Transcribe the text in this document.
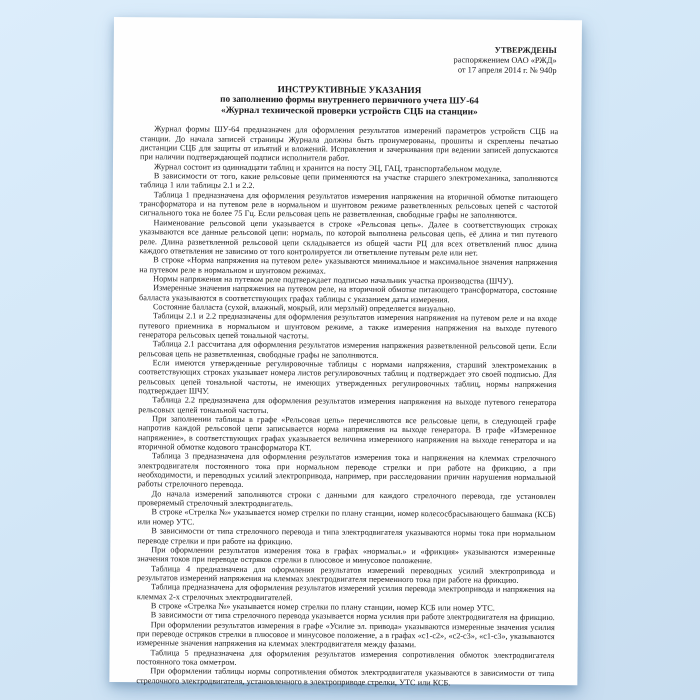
УТВЕРЖДЕНЫ
распоряжением ОАО «РЖД»
от 17 апреля 2014 г. № 940р
ИНСТРУКТИВНЫЕ УКАЗАНИЯ
по заполнению формы внутреннего первичного учета ШУ-64
«Журнал технической проверки устройств СЦБ на станции»

Журнал формы ШУ-64 предназначен для оформления результатов измерений параметров устройств СЦБ на станции. До начала записей страницы Журнала должны быть пронумерованы, прошиты и скреплены печатью дистанции СЦБ для защиты от изъятий и вложений. Исправления и зачеркивания при ведении записей допускаются при наличии подтверждающей подписи исполнителя работ.

Журнал состоит из одиннадцати таблиц и хранится на посту ЭЦ, ГАЦ, транспортабельном модуле.

В зависимости от того, какие рельсовые цепи применяются на участке старшего электромеханика, заполняются таблица 1 или таблицы 2.1 и 2.2.

Таблица 1 предназначена для оформления результатов измерения напряжения на вторичной обмотке питающего трансформатора и на путевом реле в нормальном и шунтовом режиме разветвленных рельсовых цепей с частотой сигнального тока не более 75 Гц. Если рельсовая цепь не разветвленная, свободные графы не заполняются.

Наименование рельсовой цепи указывается в строке «Рельсовая цепь». Далее в соответствующих строках указываются все данные рельсовой цепи: нормаль, по которой выполнена рельсовая цепь, её длина и тип путевого реле. Длина разветвленной рельсовой цепи складывается из общей части РЦ для всех ответвлений плюс длина каждого ответвления не зависимо от того контролируется ли ответвление путевым реле или нет.

В строке «Норма напряжения на путевом реле» указываются минимальное и максимальное значения напряжения на путевом реле в нормальном и шунтовом режимах.

Нормы напряжения на путевом реле подтверждает подписью начальник участка производства (ШЧУ).

Измеренные значения напряжения на путевом реле, на вторичной обмотке питающего трансформатора, состояние балласта указываются в соответствующих графах таблицы с указанием даты измерения.

Состояние балласта (сухой, влажный, мокрый, или мерзлый) определяется визуально.

Таблицы 2.1 и 2.2 предназначены для оформления результатов измерения напряжения на путевом реле и на входе путевого приемника в нормальном и шунтовом режиме, а также измерения напряжения на выходе путевого генератора рельсовых цепей тональной частоты.

Таблица 2.1 рассчитана для оформления результатов измерения напряжения разветвленной рельсовой цепи. Если рельсовая цепь не разветвленная, свободные графы не заполняются.

Если имеются утвержденные регулировочные таблицы с нормами напряжения, старший электромеханик в соответствующих строках указывает номера листов регулировочных таблиц и подтверждает это своей подписью. Для рельсовых цепей тональной частоты, не имеющих утвержденных регулировочных таблиц, нормы напряжения подтверждает ШЧУ.

Таблица 2.2 предназначена для оформления результатов измерения напряжения на выходе путевого генератора рельсовых цепей тональной частоты.

При заполнении таблицы в графе «Рельсовая цепь» перечисляются все рельсовые цепи, в следующей графе напротив каждой рельсовой цепи записывается норма напряжения на выходе генератора. В графе «Измеренное напряжение», в соответствующих графах указывается величина измеренного напряжения на выходе генератора и на вторичной обмотке кодового трансформатора КТ.

Таблица 3 предназначена для оформления результатов измерения тока и напряжения на клеммах стрелочного электродвигателя постоянного тока при нормальном переводе стрелки и при работе на фрикцию, а при необходимости, и переводных усилий электропривода, например, при расследовании причин нарушения нормальной работы стрелочного перевода.

До начала измерений заполняются строки с данными для каждого стрелочного перевода, где установлен проверяемый стрелочный электродвигатель.

В строке «Стрелка №» указывается номер стрелки по плану станции, номер колесосбрасывающего башмака (КСБ) или номер УТС.

В зависимости от типа стрелочного перевода и типа электродвигателя указываются нормы тока при нормальном переводе стрелки и при работе на фрикцию.

При оформлении результатов измерения тока в графах «нормальн.» и «фрикция» указываются измеренные значения токов при переводе остряков стрелки в плюсовое и минусовое положение.

Таблица 4 предназначена для оформления результатов измерений переводных усилий электропривода и результатов измерений напряжения на клеммах электродвигателя переменного тока при работе на фрикцию.

Таблица предназначена для оформления результатов измерений усилия перевода электропривода и напряжения на клеммах 2-х стрелочных электродвигателей.

В строке «Стрелка №» указывается номер стрелки по плану станции, номер КСБ или номер УТС.

В зависимости от типа стрелочного перевода указывается норма усилия при работе электродвигателя на фрикцию.

При оформлении результатов измерения в графе «Усилие эл. привода» указываются измеренные значения усилия при переводе остряков стрелки в плюсовое и минусовое положение, а в графах «с1-с2», «с2-с3», «с1-с3», указываются измеренные значения напряжения на клеммах электродвигателя между фазами.

Таблица 5 предназначена для оформления результатов измерения сопротивления обмоток электродвигателя постоянного тока омметром.

При оформлении таблицы нормы сопротивления обмоток электродвигателя указываются в зависимости от типа стрелочного электродвигателя, установленного в электроприводе стрелки, УТС или КСБ.
